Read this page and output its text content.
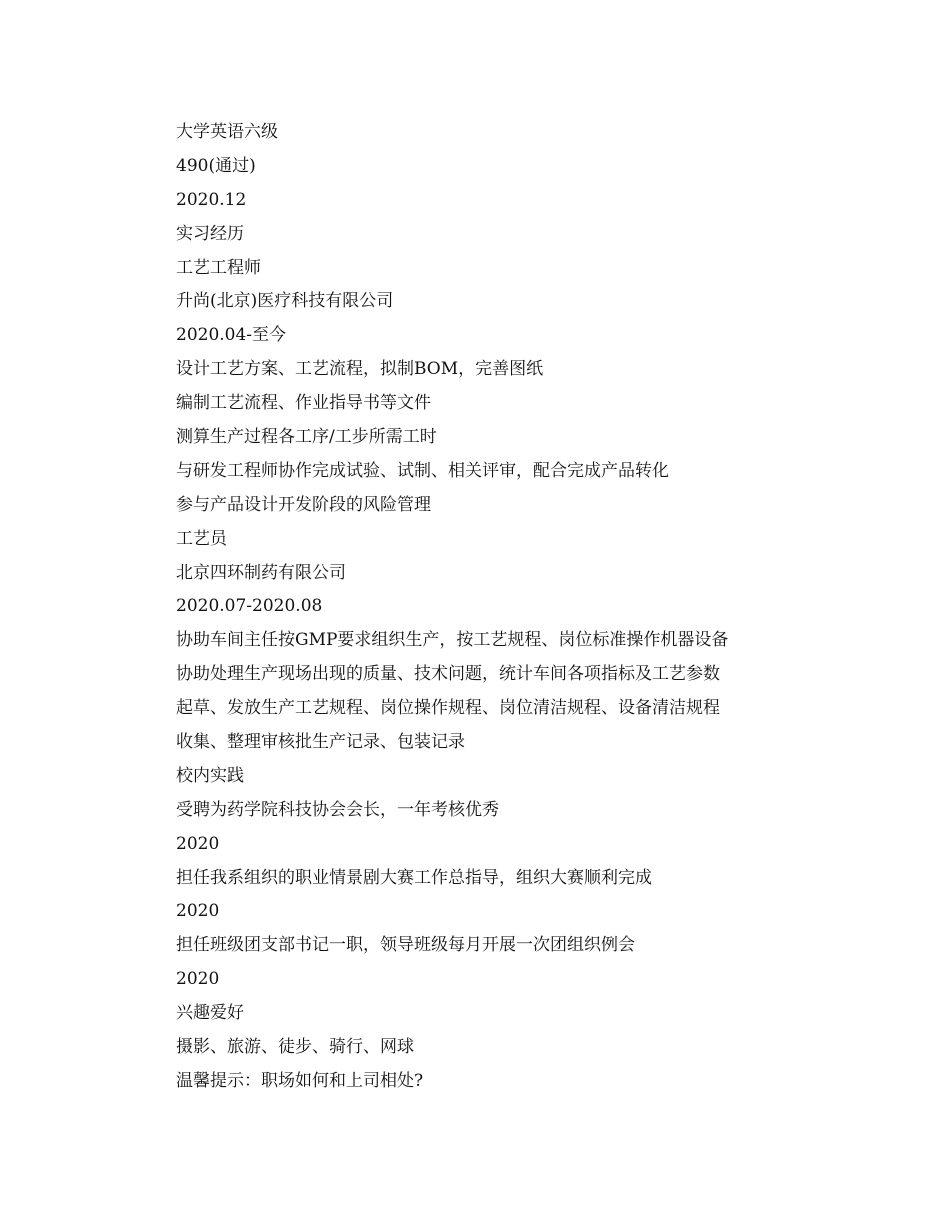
大学英语六级
490(通过)
2020.12
实习经历
工艺工程师
升尚(北京)医疗科技有限公司
2020.04-至今
设计工艺方案、工艺流程，拟制BOM，完善图纸
编制工艺流程、作业指导书等文件
测算生产过程各工序/工步所需工时
与研发工程师协作完成试验、试制、相关评审，配合完成产品转化
参与产品设计开发阶段的风险管理
工艺员
北京四环制药有限公司
2020.07-2020.08
协助车间主任按GMP要求组织生产，按工艺规程、岗位标准操作机器设备
协助处理生产现场出现的质量、技术问题，统计车间各项指标及工艺参数
起草、发放生产工艺规程、岗位操作规程、岗位清洁规程、设备清洁规程
收集、整理审核批生产记录、包装记录
校内实践
受聘为药学院科技协会会长，一年考核优秀
2020
担任我系组织的职业情景剧大赛工作总指导，组织大赛顺利完成
2020
担任班级团支部书记一职，领导班级每月开展一次团组织例会
2020
兴趣爱好
摄影、旅游、徒步、骑行、网球
温馨提示：职场如何和上司相处?
